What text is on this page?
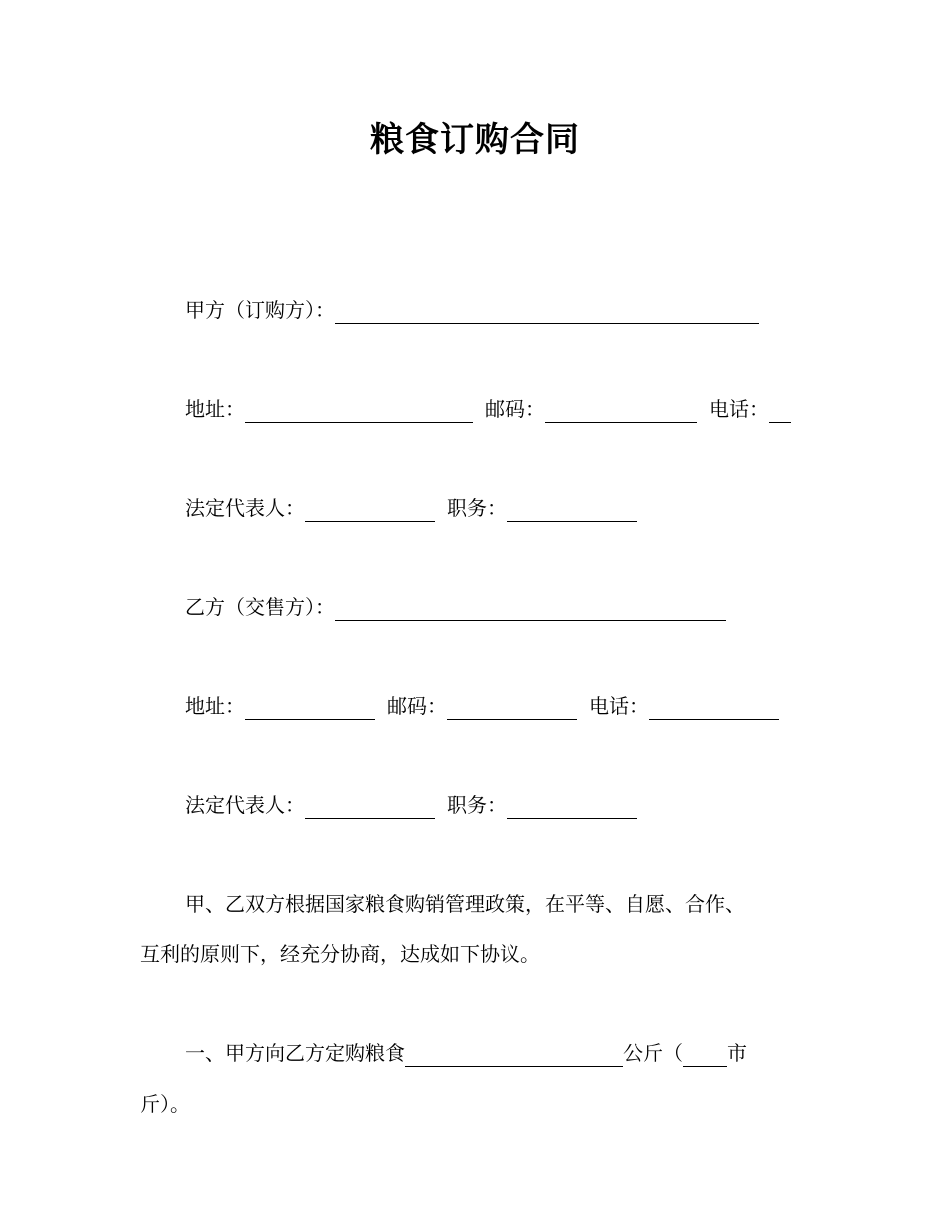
粮食订购合同
甲方（订购方）：
地址：	邮码：	电话：
法定代表人：	职务：
乙方（交售方）：
地址：	邮码：	电话：
法定代表人：	职务：
甲、乙双方根据国家粮食购销管理政策，在平等、自愿、合作、
互利的原则下，经充分协商，达成如下协议。
一、甲方向乙方定购粮食	公斤（ 市
斤）。
